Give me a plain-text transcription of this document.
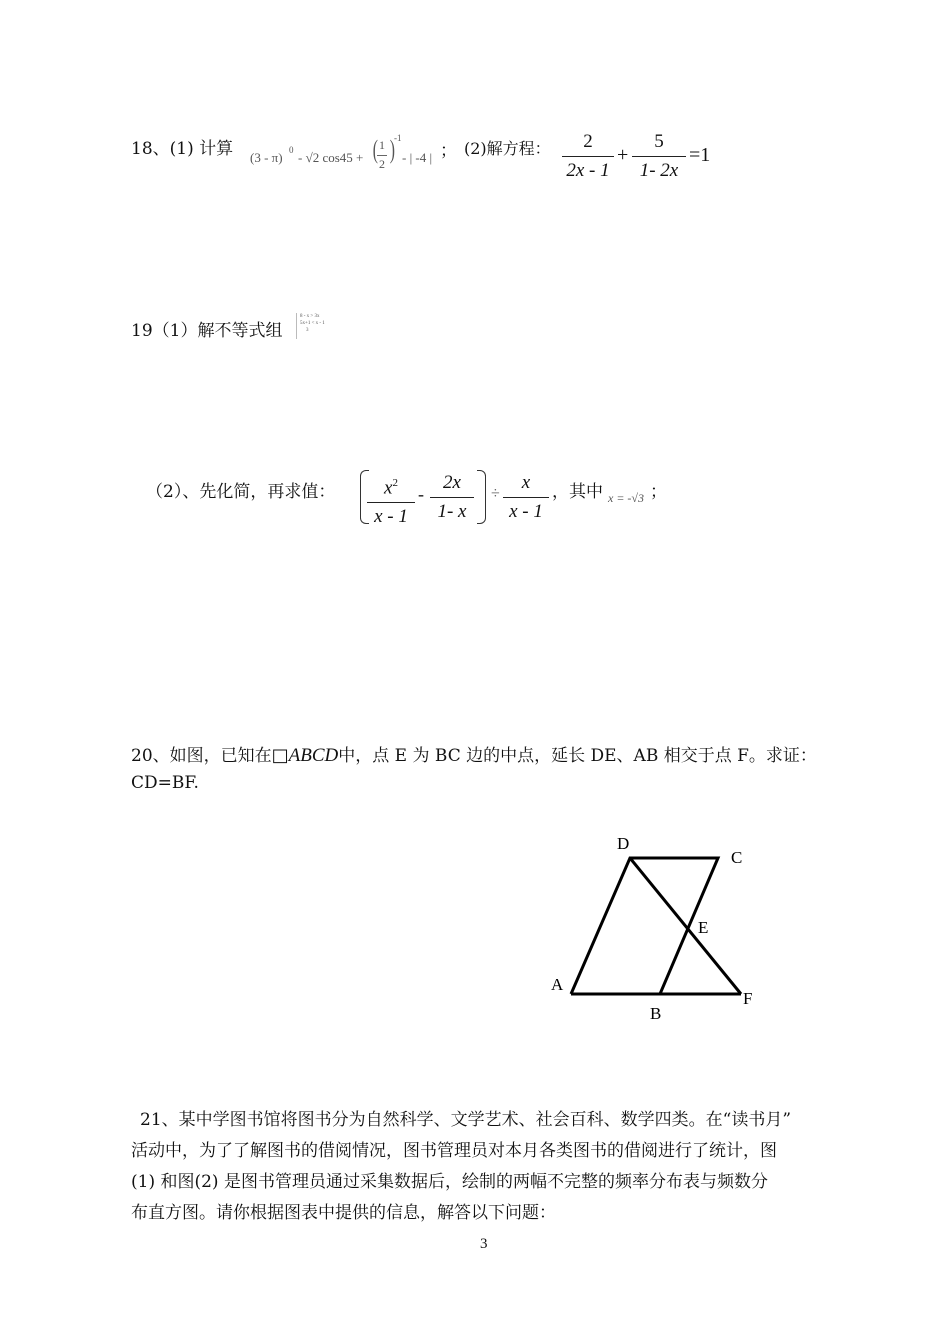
18、(1) 计算 (3 - π) 0 - √2 cos45 + ( 1
2 ) -1
- | -4 | ； (2)解方程：	2
2x - 1
+
5
1- 2x
=1
19（1）解不等式组
8 - x > 3x
5x+1 < x - 1
3
（2）、先化简，再求值：	$x^2$
x - 1
-
2x
1- x
÷
x
x - 1
，其中 x = -√3 ；
20、如图，已知在□ABCD中，点 E 为 BC 边的中点，延长 DE、AB 相交于点 F。求证：
CD=BF.
D
C
E
A
B
F
21、某中学图书馆将图书分为自然科学、文学艺术、社会百科、数学四类。在“读书月”
活动中，为了了解图书的借阅情况，图书管理员对本月各类图书的借阅进行了统计，图
(1) 和图(2) 是图书管理员通过采集数据后，绘制的两幅不完整的频率分布表与频数分
布直方图。请你根据图表中提供的信息，解答以下问题：
3
